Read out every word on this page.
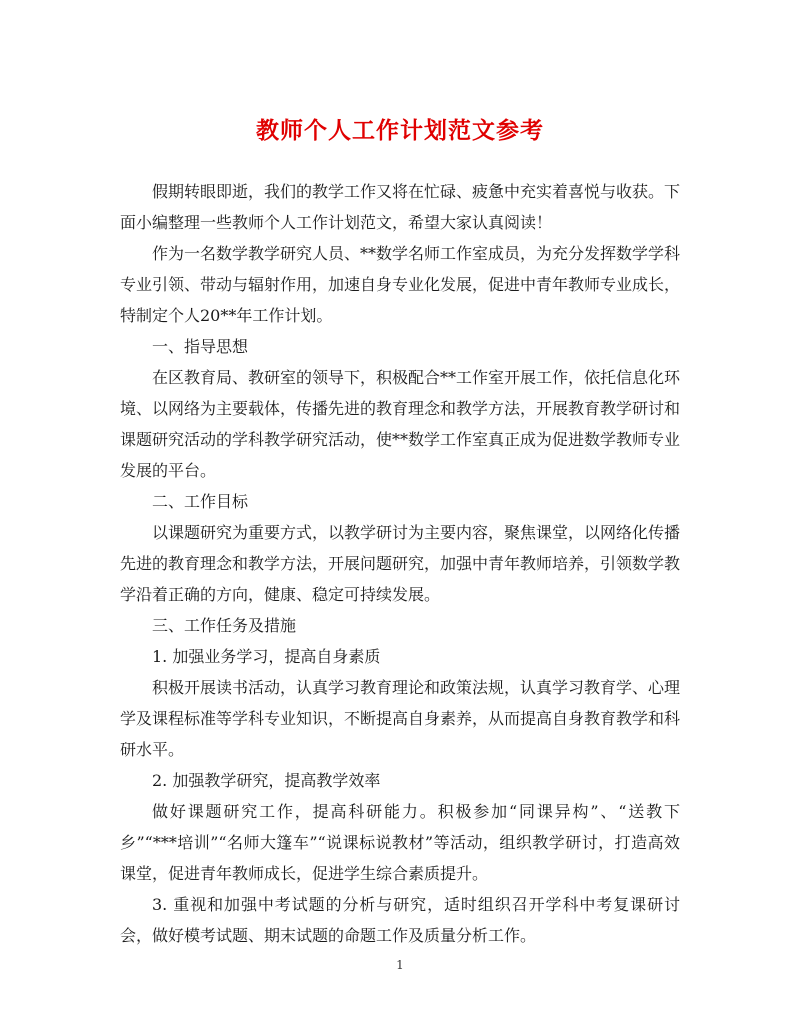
教师个人工作计划范文参考

假期转眼即逝，我们的教学工作又将在忙碌、疲惫中充实着喜悦与收获。下面小编整理一些教师个人工作计划范文，希望大家认真阅读！

作为一名数学教学研究人员、**数学名师工作室成员，为充分发挥数学学科专业引领、带动与辐射作用，加速自身专业化发展，促进中青年教师专业成长，特制定个人20**年工作计划。

一、指导思想

在区教育局、教研室的领导下，积极配合**工作室开展工作，依托信息化环境、以网络为主要载体，传播先进的教育理念和教学方法，开展教育教学研讨和课题研究活动的学科教学研究活动，使**数学工作室真正成为促进数学教师专业发展的平台。

二、工作目标

以课题研究为重要方式，以教学研讨为主要内容，聚焦课堂，以网络化传播先进的教育理念和教学方法，开展问题研究，加强中青年教师培养，引领数学教学沿着正确的方向，健康、稳定可持续发展。

三、工作任务及措施

1. 加强业务学习，提高自身素质

积极开展读书活动，认真学习教育理论和政策法规，认真学习教育学、心理学及课程标准等学科专业知识，不断提高自身素养，从而提高自身教育教学和科研水平。

2. 加强教学研究，提高教学效率

做好课题研究工作，提高科研能力。积极参加“同课异构”、“送教下乡”“***培训”“名师大篷车”“说课标说教材”等活动，组织教学研讨，打造高效课堂，促进青年教师成长，促进学生综合素质提升。

3. 重视和加强中考试题的分析与研究，适时组织召开学科中考复课研讨会，做好模考试题、期末试题的命题工作及质量分析工作。

1
